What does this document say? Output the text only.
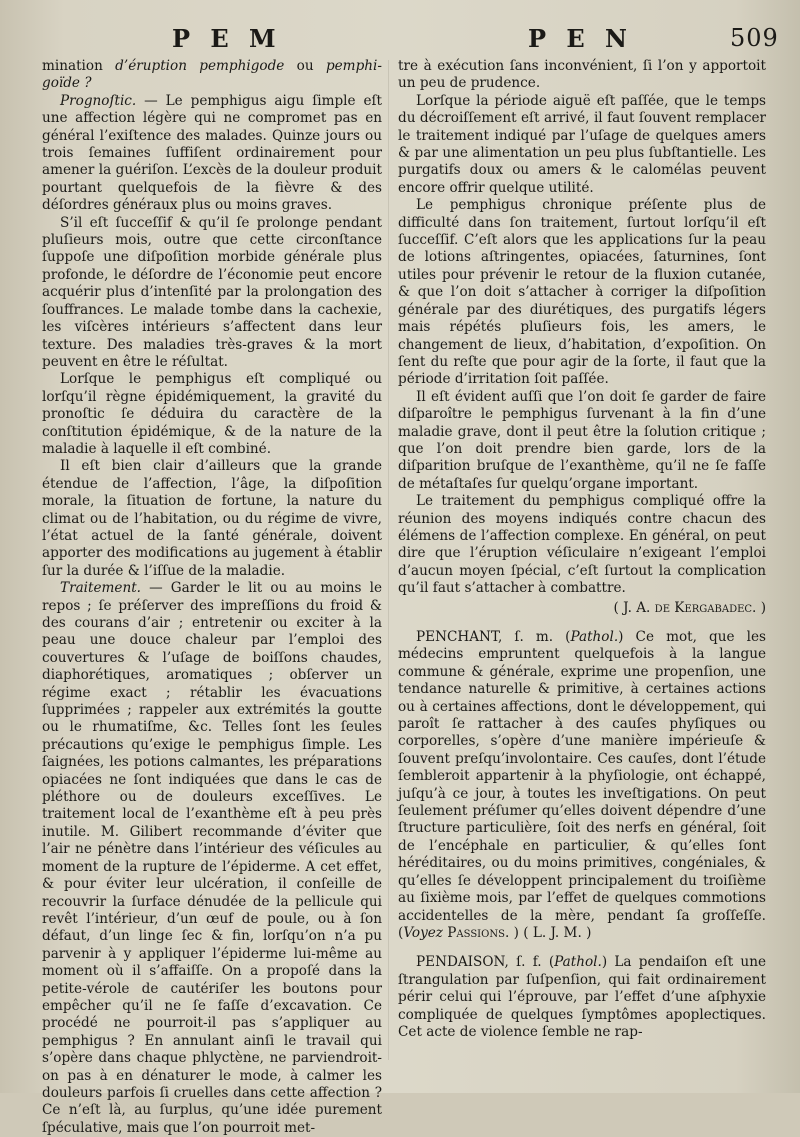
P E M	P E N	509

mination d’éruption pemphigode ou pemphi-goïde ?

Prognoſtic. — Le pemphigus aigu ſimple eſt une affection légère qui ne compromet pas en général l’exiſtence des malades. Quinze jours ou trois ſemaines ſuffiſent ordinairement pour amener la guériſon. L’excès de la douleur produit pourtant quelquefois de la fièvre & des déſordres généraux plus ou moins graves.

S’il eſt ſucceſſif & qu’il ſe prolonge pendant pluſieurs mois, outre que cette circonſtance ſuppoſe une diſpoſition morbide générale plus profonde, le déſordre de l’économie peut encore acquérir plus d’intenſité par la prolongation des ſouffrances. Le malade tombe dans la cachexie, les viſcères intérieurs s’affectent dans leur texture. Des maladies très-graves & la mort peuvent en être le réſultat.

Lorſque le pemphigus eſt compliqué ou lorſqu’il règne épidémiquement, la gravité du pronoſtic ſe déduira du caractère de la conſtitution épidémique, & de la nature de la maladie à laquelle il eſt combiné.

Il eſt bien clair d’ailleurs que la grande étendue de l’affection, l’âge, la diſpoſition morale, la ſituation de fortune, la nature du climat ou de l’habitation, ou du régime de vivre, l’état actuel de la ſanté générale, doivent apporter des modifications au jugement à établir ſur la durée & l’iſſue de la maladie.

Traitement. — Garder le lit ou au moins le repos ; ſe préſerver des impreſſions du froid & des courans d’air ; entretenir ou exciter à la peau une douce chaleur par l’emploi des couvertures & l’uſage de boiſſons chaudes, diaphorétiques, aromatiques ; obſerver un régime exact ; rétablir les évacuations ſupprimées ; rappeler aux extrémités la goutte ou le rhumatiſme, &c. Telles ſont les ſeules précautions qu’exige le pemphigus ſimple. Les ſaignées, les potions calmantes, les préparations opiacées ne ſont indiquées que dans le cas de pléthore ou de douleurs exceſſives. Le traitement local de l’exanthème eſt à peu près inutile. M. Gilibert recommande d’éviter que l’air ne pénètre dans l’intérieur des véſicules au moment de la rupture de l’épiderme. A cet effet, & pour éviter leur ulcération, il conſeille de recouvrir la ſurface dénudée de la pellicule qui revêt l’intérieur, d’un œuf de poule, ou à ſon défaut, d’un linge ſec & fin, lorſqu’on n’a pu parvenir à y appliquer l’épiderme lui-même au moment où il s’affaiſſe. On a propoſé dans la petite-vérole de cautériſer les boutons pour empêcher qu’il ne ſe faſſe d’excavation. Ce procédé ne pourroit-il pas s’appliquer au pemphigus ? En annulant ainſi le travail qui s’opère dans chaque phlyctène, ne parviendroit-on pas à en dénaturer le mode, à calmer les douleurs parfois ſi cruelles dans cette affection ? Ce n’eſt là, au ſurplus, qu’une idée purement ſpéculative, mais que l’on pourroit met-

tre à exécution ſans inconvénient, ſi l’on y apportoit un peu de prudence.

Lorſque la période aiguë eſt paſſée, que le temps du décroiſſement eſt arrivé, il faut ſouvent remplacer le traitement indiqué par l’uſage de quelques amers & par une alimentation un peu plus ſubſtantielle. Les purgatifs doux ou amers & le calomélas peuvent encore offrir quelque utilité.

Le pemphigus chronique préſente plus de difficulté dans ſon traitement, ſurtout lorſqu’il eſt ſucceſſif. C’eſt alors que les applications ſur la peau de lotions aſtringentes, opiacées, ſaturnines, ſont utiles pour prévenir le retour de la fluxion cutanée, & que l’on doit s’attacher à corriger la diſpoſition générale par des diurétiques, des purgatifs légers mais répétés pluſieurs fois, les amers, le changement de lieux, d’habitation, d’expoſition. On ſent du reſte que pour agir de la ſorte, il faut que la période d’irritation ſoit paſſée.

Il eſt évident auſſi que l’on doit ſe garder de faire diſparoître le pemphigus ſurvenant à la fin d’une maladie grave, dont il peut être la ſolution critique ; que l’on doit prendre bien garde, lors de la diſparition bruſque de l’exanthème, qu’il ne ſe faſſe de métaſtaſes ſur quelqu’organe important.

Le traitement du pemphigus compliqué offre la réunion des moyens indiqués contre chacun des élémens de l’affection complexe. En général, on peut dire que l’éruption véſiculaire n’exigeant l’emploi d’aucun moyen ſpécial, c’eſt ſurtout la complication qu’il faut s’attacher à combattre.

( J. A. de Kergabadec. )

PENCHANT, ſ. m. (Pathol.) Ce mot, que les médecins empruntent quelquefois à la langue commune & générale, exprime une propenſion, une tendance naturelle & primitive, à certaines actions ou à certaines affections, dont le développement, qui paroît ſe rattacher à des cauſes phyſiques ou corporelles, s’opère d’une manière impérieuſe & ſouvent preſqu’involontaire. Ces cauſes, dont l’étude ſembleroit appartenir à la phyſiologie, ont échappé, juſqu’à ce jour, à toutes les inveſtigations. On peut ſeulement préſumer qu’elles doivent dépendre d’une ſtructure particulière, ſoit des nerfs en général, ſoit de l’encéphale en particulier, & qu’elles ſont héréditaires, ou du moins primitives, congéniales, & qu’elles ſe développent principalement du troiſième au ſixième mois, par l’effet de quelques commotions accidentelles de la mère, pendant ſa groſſeſſe. (Voyez Passions. ) ( L. J. M. )

PENDAISON, ſ. f. (Pathol.) La pendaiſon eſt une ſtrangulation par ſuſpenſion, qui fait ordinairement périr celui qui l’éprouve, par l’effet d’une aſphyxie compliquée de quelques ſymptômes apoplectiques. Cet acte de violence ſemble ne rap-
